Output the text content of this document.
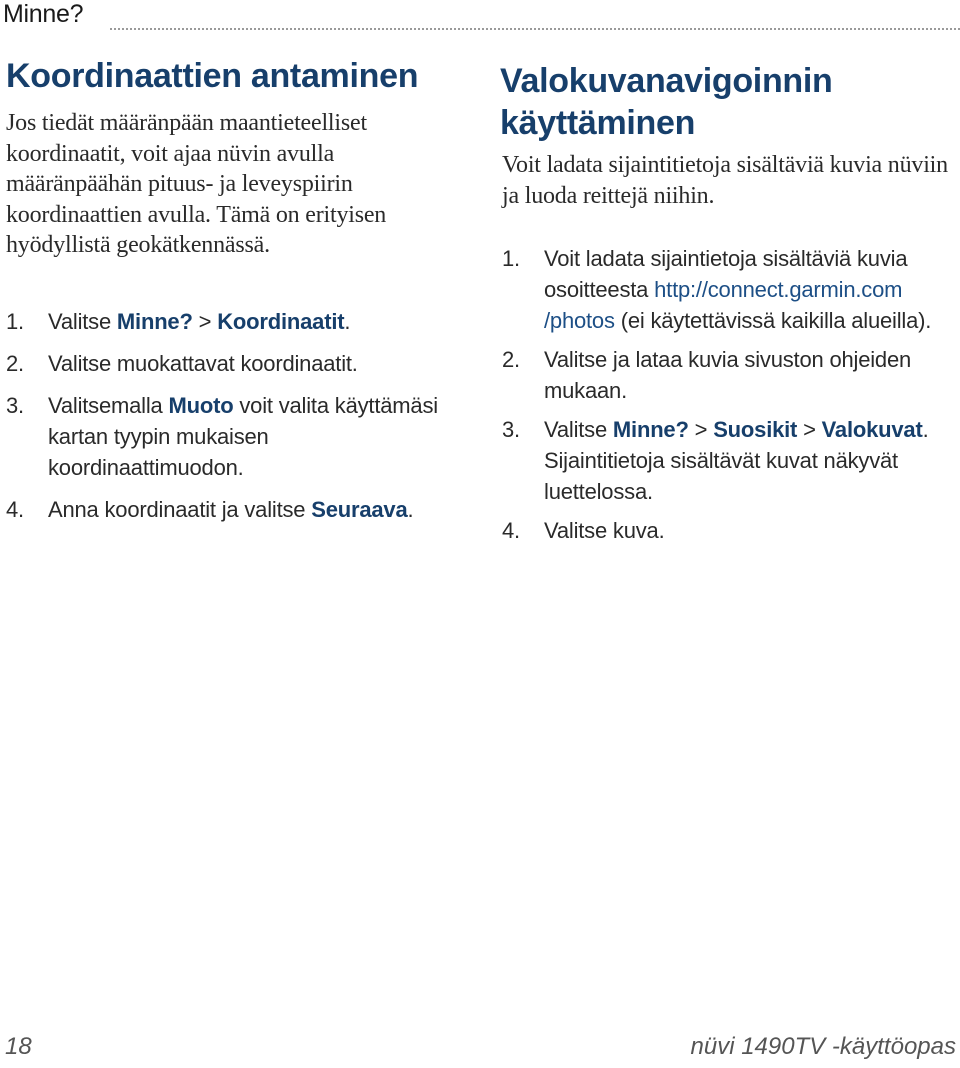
Minne?
Koordinaattien antaminen

Jos tiedät määränpään maantieteelliset koordinaatit, voit ajaa nüvin avulla määränpäähän pituus- ja leveyspiirin koordinaattien avulla. Tämä on erityisen hyödyllistä geokätkennässä.

1. Valitse Minne? > Koordinaatit.
2. Valitse muokattavat koordinaatit.
3. Valitsemalla Muoto voit valita käyttämäsi kartan tyypin mukaisen koordinaattimuodon.
4. Anna koordinaatit ja valitse Seuraava.
Valokuvanavigoinnin käyttäminen

Voit ladata sijaintitietoja sisältäviä kuvia nüviin ja luoda reittejä niihin.

1. Voit ladata sijaintietoja sisältäviä kuvia osoitteesta http://connect.garmin.com /photos (ei käytettävissä kaikilla alueilla).
2. Valitse ja lataa kuvia sivuston ohjeiden mukaan.
3. Valitse Minne? > Suosikit > Valokuvat. Sijaintitietoja sisältävät kuvat näkyvät luettelossa.
4. Valitse kuva.
18	nüvi 1490TV -käyttöopas
